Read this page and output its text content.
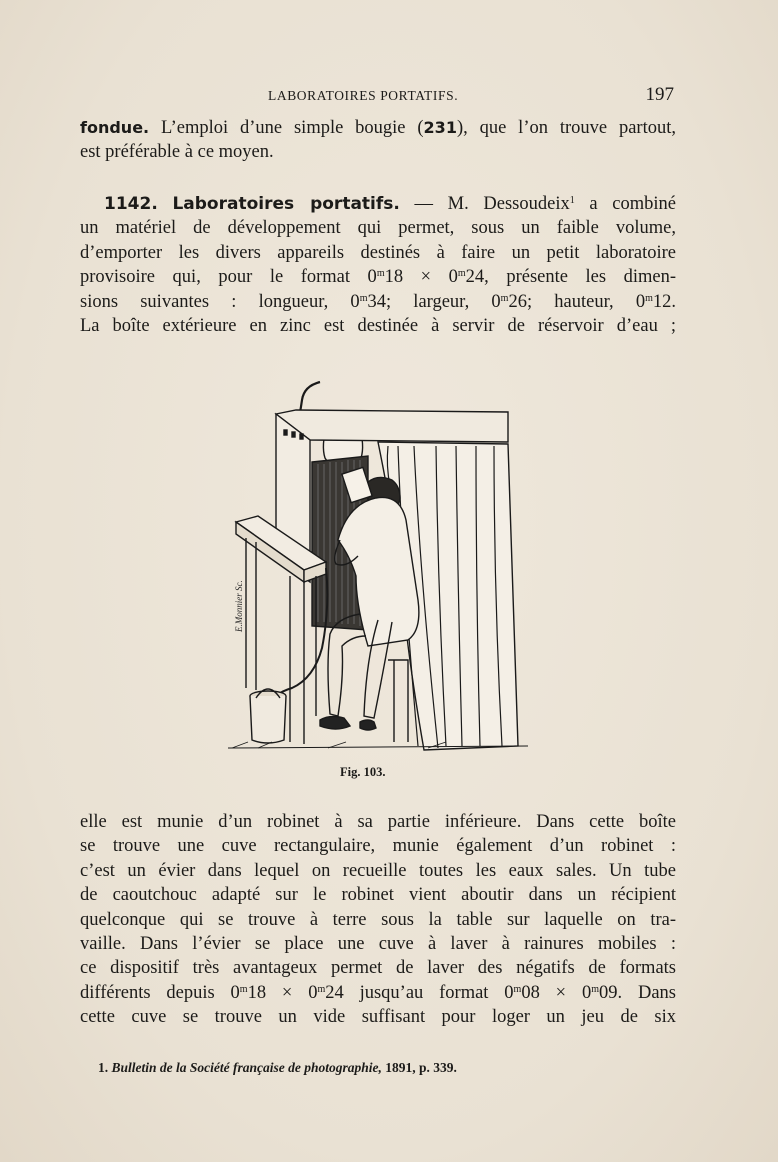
LABORATOIRES PORTATIFS.	197
fondue. L’emploi d’une simple bougie (231), que l’on trouve partout,
est préférable à ce moyen.
1142. Laboratoires portatifs. — M. Dessoudeix$^1$ a combiné
un matériel de développement qui permet, sous un faible volume,
d’emporter les divers appareils destinés à faire un petit laboratoire
provisoire qui, pour le format $0^m18 \times 0^m24$, présente les dimen-
sions suivantes : longueur, 0$^m$34; largeur, 0$^m$26; hauteur, 0$^m$12.
La boîte extérieure en zinc est destinée à servir de réservoir d’eau ;
E.Monnier Sc.
Fig. 103.
elle est munie d’un robinet à sa partie inférieure. Dans cette boîte
se trouve une cuve rectangulaire, munie également d’un robinet :
c’est un évier dans lequel on recueille toutes les eaux sales. Un tube
de caoutchouc adapté sur le robinet vient aboutir dans un récipient
quelconque qui se trouve à terre sous la table sur laquelle on tra-
vaille. Dans l’évier se place une cuve à laver à rainures mobiles :
ce dispositif très avantageux permet de laver des négatifs de formats
différents depuis $0^m18 \times 0^m24$ jusqu’au format $0^m08 \times 0^m09$. Dans
cette cuve se trouve un vide suffisant pour loger un jeu de six
1. Bulletin de la Société française de photographie, 1891, p. 339.
